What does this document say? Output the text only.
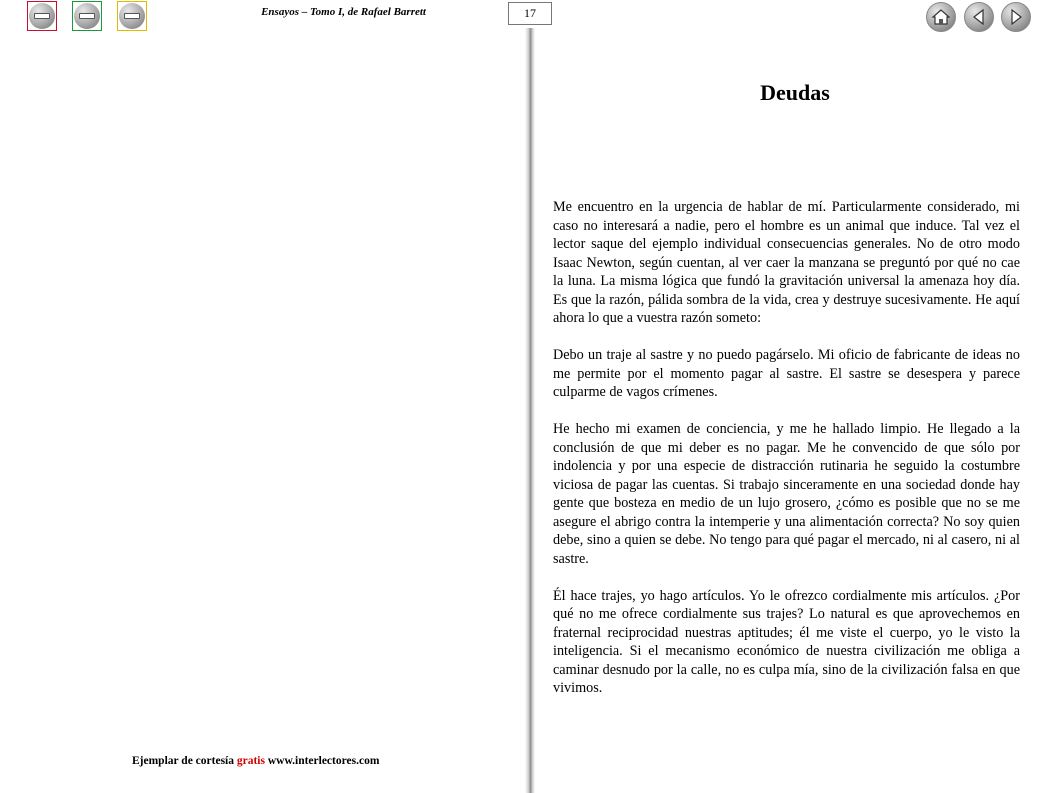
Ensayos – Tomo I, de Rafael Barrett	17
Ejemplar de cortesía gratis www.interlectores.com
Deudas

Me encuentro en la urgencia de hablar de mí. Particularmente considerado, mi caso no interesará a nadie, pero el hombre es un animal que induce. Tal vez el lector saque del ejemplo individual consecuencias generales. No de otro modo Isaac Newton, según cuentan, al ver caer la manzana se preguntó por qué no cae la luna. La misma lógica que fundó la gravitación universal la amenaza hoy día. Es que la razón, pálida sombra de la vida, crea y destruye sucesivamente. He aquí ahora lo que a vuestra razón someto:

Debo un traje al sastre y no puedo pagárselo. Mi oficio de fabricante de ideas no me permite por el momento pagar al sastre. El sastre se desespera y parece culparme de vagos crímenes.

He hecho mi examen de conciencia, y me he hallado limpio. He llegado a la conclusión de que mi deber es no pagar. Me he convencido de que sólo por indolencia y por una especie de distracción rutinaria he seguido la costumbre viciosa de pagar las cuentas. Si trabajo sinceramente en una sociedad donde hay gente que bosteza en medio de un lujo grosero, ¿cómo es posible que no se me asegure el abrigo contra la intemperie y una alimentación correcta? No soy quien debe, sino a quien se debe. No tengo para qué pagar el mercado, ni al casero, ni al sastre.

Él hace trajes, yo hago artículos. Yo le ofrezco cordialmente mis artículos. ¿Por qué no me ofrece cordialmente sus trajes? Lo natural es que aprovechemos en fraternal reciprocidad nuestras aptitudes; él me viste el cuerpo, yo le visto la inteligencia. Si el mecanismo económico de nuestra civilización me obliga a caminar desnudo por la calle, no es culpa mía, sino de la civilización falsa en que vivimos.
